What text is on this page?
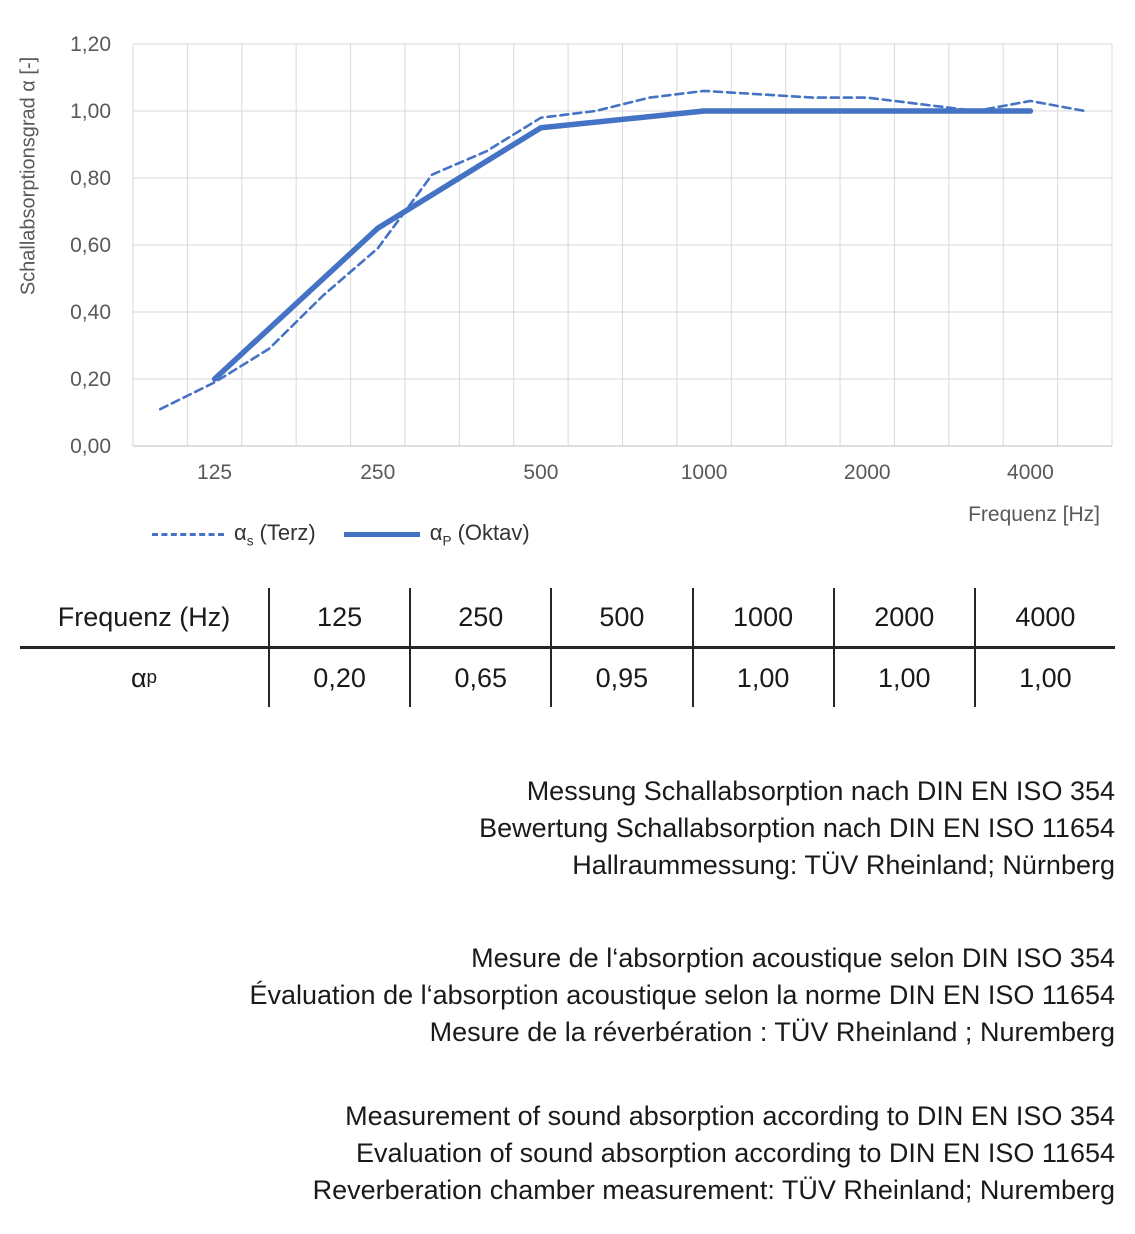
Schallabsorptionsgrad α [-]
1,20
1,00
0,80
0,60
0,40
0,20
0,00
125	250	500	1000	2000	4000
Frequenz [Hz]
$\alpha_s$ (Terz)	$\alpha_P$ (Oktav)
Frequenz (Hz)	125	250	500	1000	2000	4000
α p	0,20	0,65	0,95	1,00	1,00	1,00
Messung Schallabsorption nach DIN EN ISO 354
Bewertung Schallabsorption nach DIN EN ISO 11654
Hallraummessung: TÜV Rheinland; Nürnberg
Mesure de l‘absorption acoustique selon DIN ISO 354
Évaluation de l‘absorption acoustique selon la norme DIN EN ISO 11654
Mesure de la réverbération : TÜV Rheinland ; Nuremberg
Measurement of sound absorption according to DIN EN ISO 354
Evaluation of sound absorption according to DIN EN ISO 11654
Reverberation chamber measurement: TÜV Rheinland; Nuremberg
